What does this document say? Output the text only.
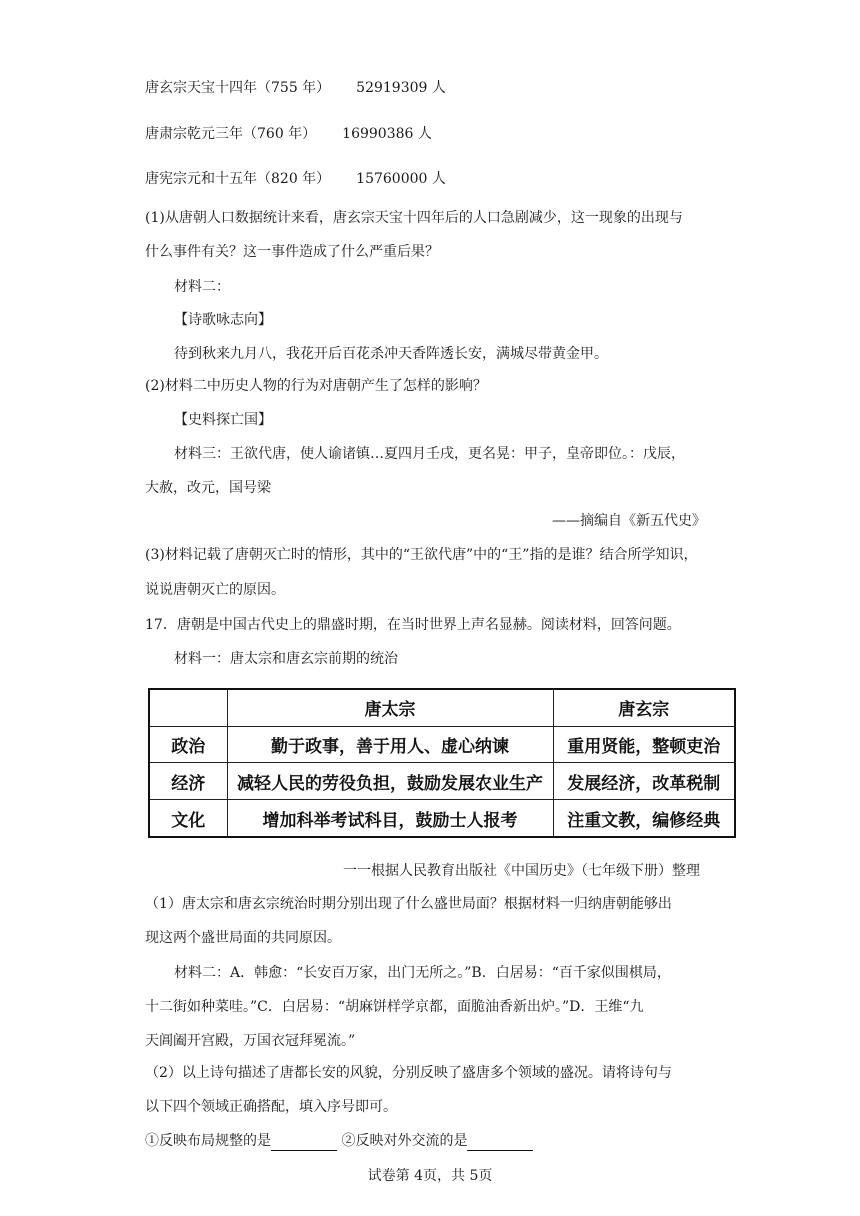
唐玄宗天宝十四年（755 年） 52919309 人
唐肃宗乾元三年（760 年） 16990386 人
唐宪宗元和十五年（820 年） 15760000 人
(1)从唐朝人口数据统计来看，唐玄宗天宝十四年后的人口急剧减少，这一现象的出现与
什么事件有关？这一事件造成了什么严重后果？
材料二：
【诗歌咏志向】
待到秋来九月八，我花开后百花杀冲天香阵透长安，满城尽带黄金甲。
(2)材料二中历史人物的行为对唐朝产生了怎样的影响？
【史料探亡国】
材料三：王欲代唐，使人谕诸镇…夏四月壬戌，更名晃：甲子，皇帝即位。：戊辰，
大赦，改元，国号梁
——摘编自《新五代史》
(3)材料记载了唐朝灭亡时的情形，其中的“王欲代唐”中的“王”指的是谁？结合所学知识，
说说唐朝灭亡的原因。
17．唐朝是中国古代史上的鼎盛时期，在当时世界上声名显赫。阅读材料，回答问题。
材料一：唐太宗和唐玄宗前期的统治
	唐太宗	唐玄宗
政治	勤于政事，善于用人、虚心纳谏	重用贤能，整顿吏治
经济	减轻人民的劳役负担，鼓励发展农业生产	发展经济，改革税制
文化	增加科举考试科目，鼓励士人报考	注重文教，编修经典
一一根据人民教育出版社《中国历史》（七年级下册）整理
（1）唐太宗和唐玄宗统治时期分别出现了什么盛世局面？根据材料一归纳唐朝能够出
现这两个盛世局面的共同原因。
材料二：A．韩愈：“长安百万家，出门无所之。”B．白居易：“百千家似围棋局，
十二街如种菜哇。”C．白居易：“胡麻饼样学京都，面脆油香新出炉。”D．王维“九
天阊阖开宫殿，万国衣冠拜冕流。”
（2）以上诗句描述了唐都长安的风貌，分别反映了盛唐多个领域的盛况。请将诗句与
以下四个领域正确搭配，填入序号即可。
①反映布局规整的是	②反映对外交流的是
试卷第 4页，共 5页
